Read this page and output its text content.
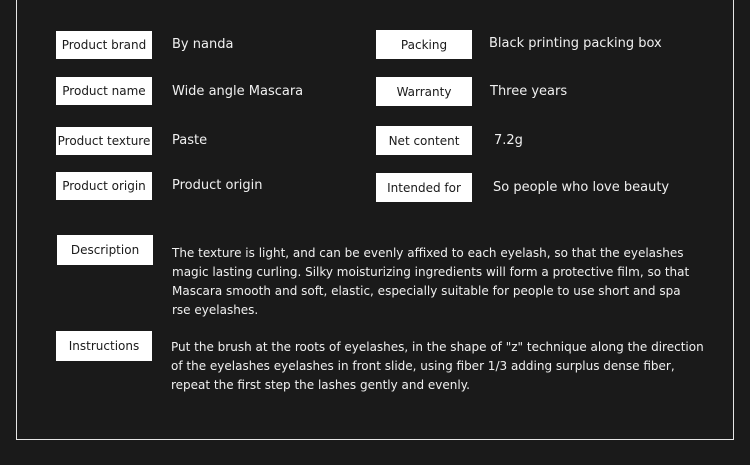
Product brand
Product name
Product texture
Product origin
By nanda
Wide angle Mascara
Paste
Product origin
Packing
Warranty
Net content
Intended for
Black printing packing box
Three years
7.2g
So people who love beauty
Description	The texture is light, and can be evenly affixed to each eyelash, so that the eyelashes
magic lasting curling. Silky moisturizing ingredients will form a protective film, so that
Mascara smooth and soft, elastic, especially suitable for people to use short and spa
rse eyelashes.
Instructions	Put the brush at the roots of eyelashes, in the shape of "z" technique along the direction
of the eyelashes eyelashes in front slide, using fiber 1/3 adding surplus dense fiber,
repeat the first step the lashes gently and evenly.
